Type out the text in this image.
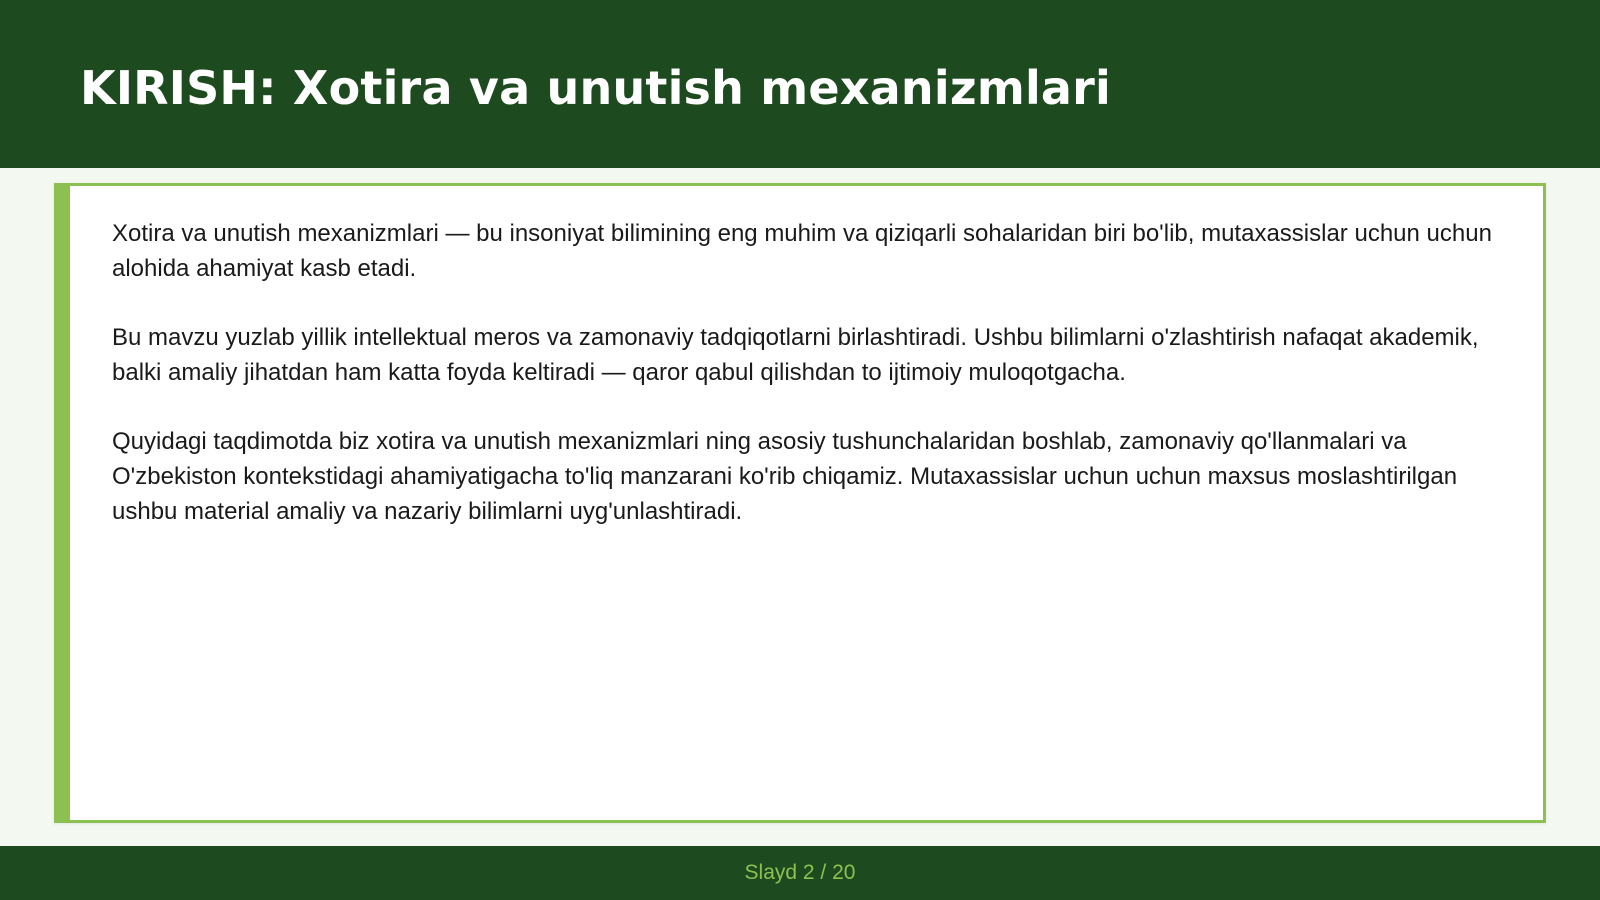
KIRISH: Xotira va unutish mexanizmlari

Xotira va unutish mexanizmlari — bu insoniyat bilimining eng muhim va qiziqarli sohalaridan biri bo'lib, mutaxassislar uchun uchun alohida ahamiyat kasb etadi.

Bu mavzu yuzlab yillik intellektual meros va zamonaviy tadqiqotlarni birlashtiradi. Ushbu bilimlarni o'zlashtirish nafaqat akademik, balki amaliy jihatdan ham katta foyda keltiradi — qaror qabul qilishdan to ijtimoiy muloqotgacha.

Quyidagi taqdimotda biz xotira va unutish mexanizmlari ning asosiy tushunchalaridan boshlab, zamonaviy qo'llanmalari va O'zbekiston kontekstidagi ahamiyatigacha to'liq manzarani ko'rib chiqamiz. Mutaxassislar uchun uchun maxsus moslashtirilgan ushbu material amaliy va nazariy bilimlarni uyg'unlashtiradi.

Slayd 2 / 20
